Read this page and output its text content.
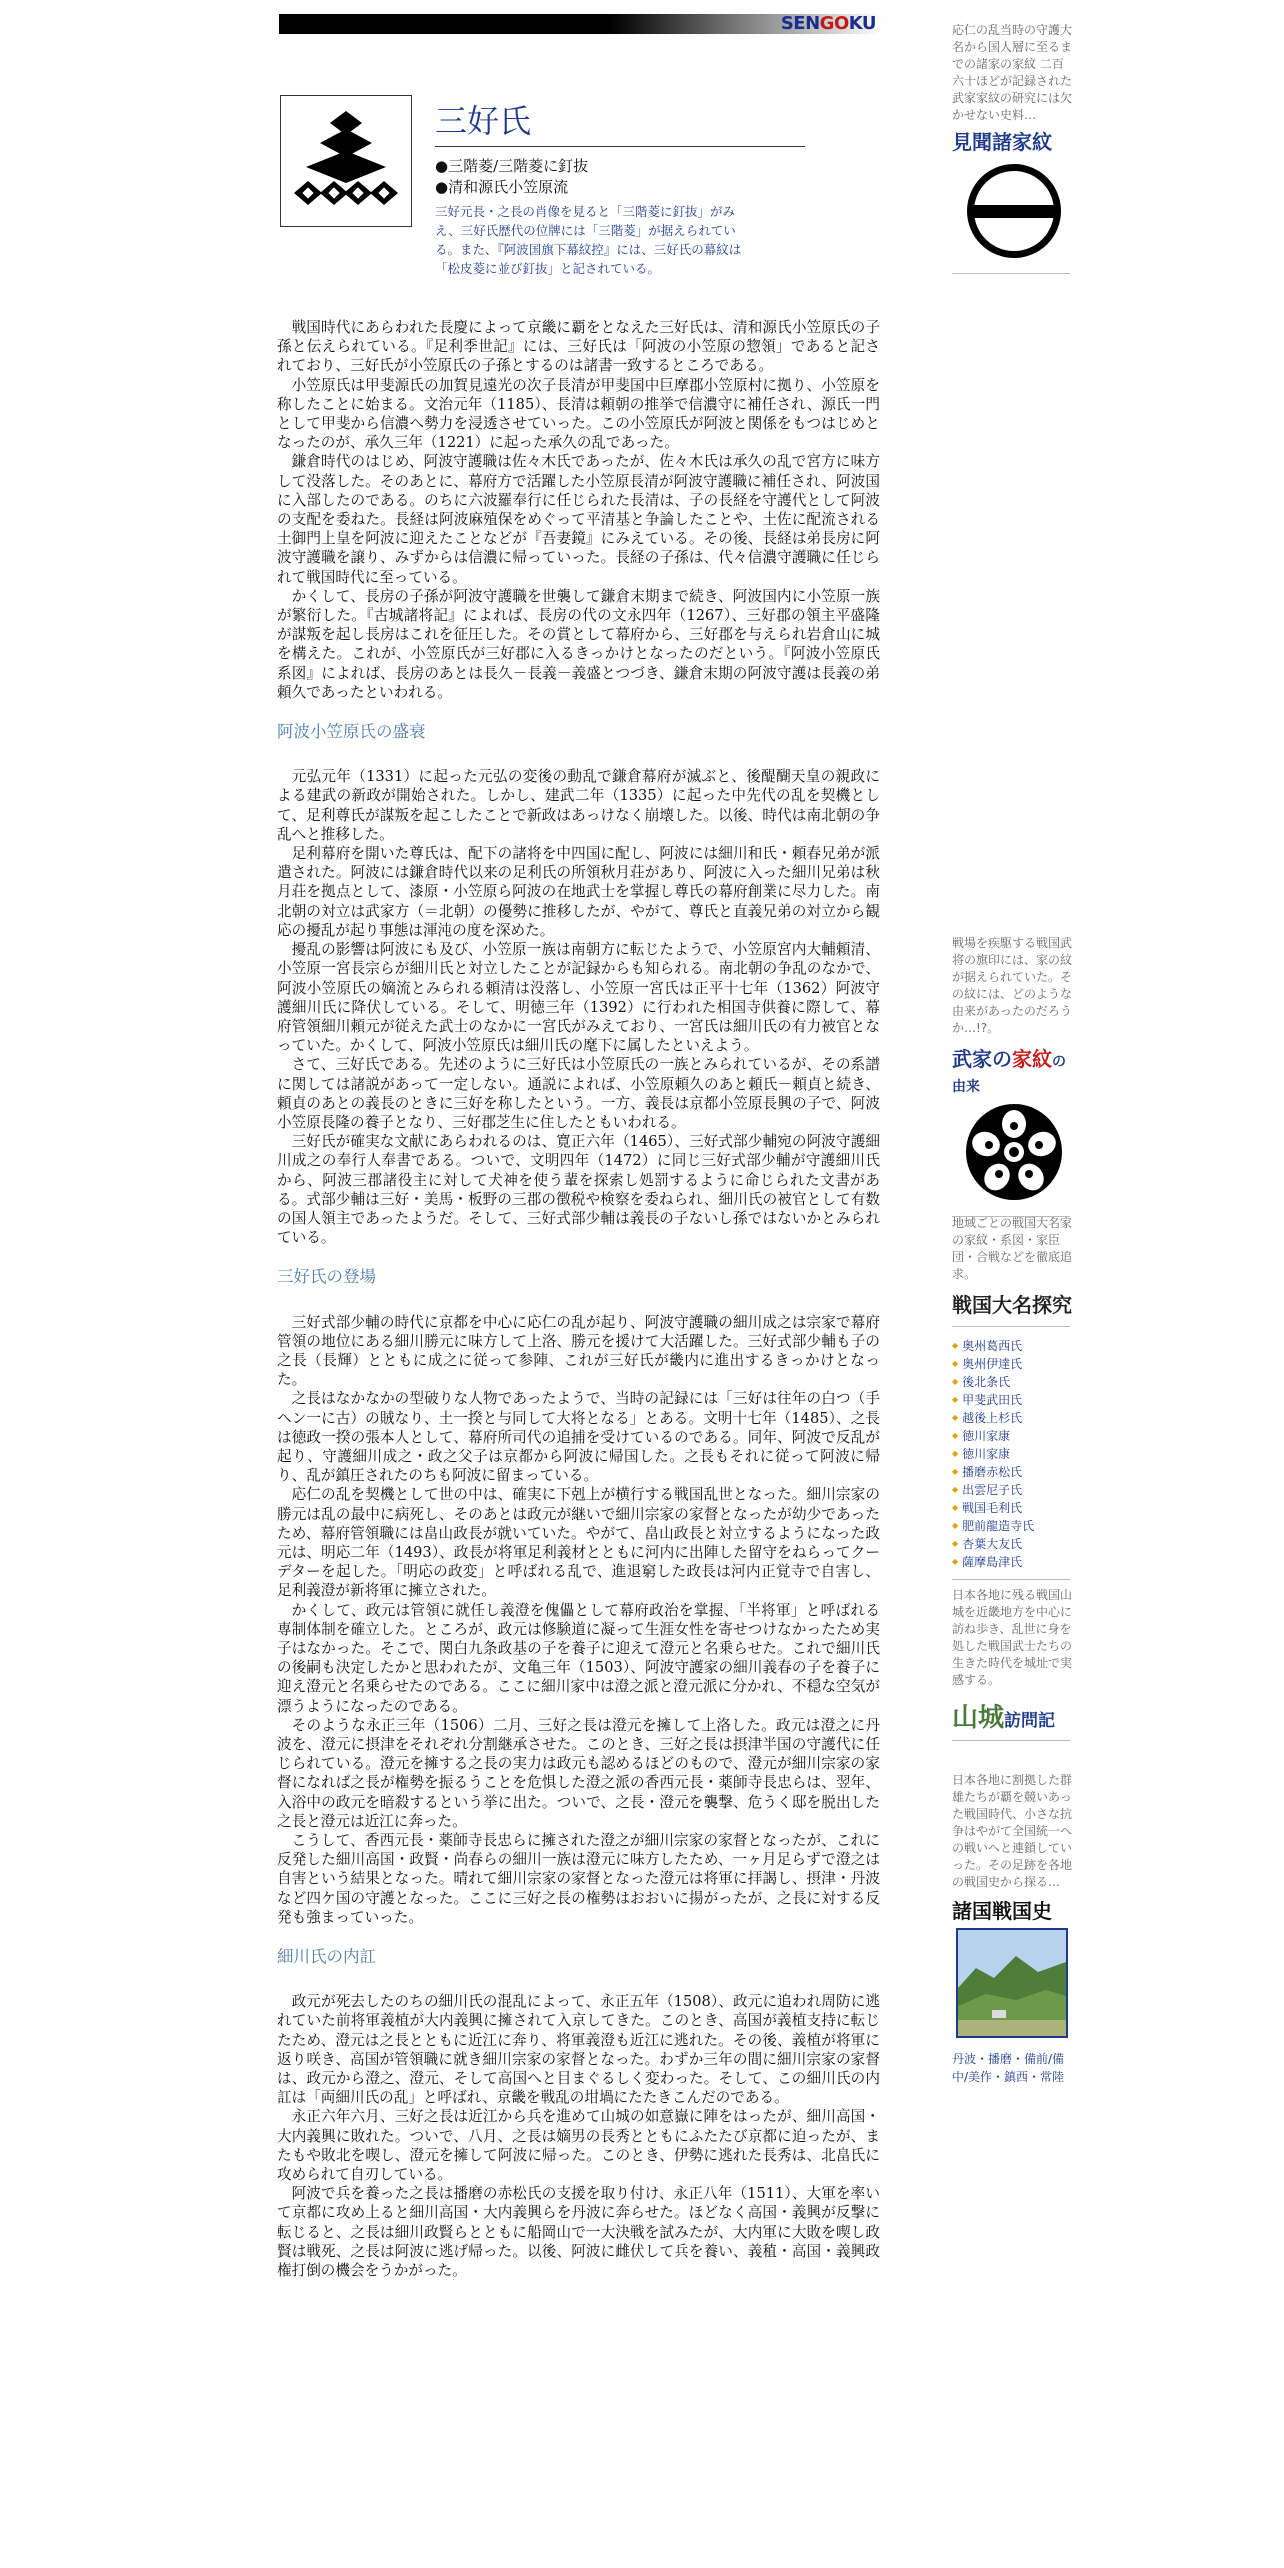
SENGOKU
三好氏
●三階菱/三階菱に釘抜
●清和源氏小笠原流
三好元長・之長の肖像を見ると「三階菱に釘抜」がみえ、三好氏歴代の位牌には「三階菱」が据えられている。また、『阿波国旗下幕紋控』には、三好氏の幕紋は「松皮菱に並び釘抜」と記されている。

戦国時代にあらわれた長慶によって京畿に覇をとなえた三好氏は、清和源氏小笠原氏の子孫と伝えられている。『足利季世記』には、三好氏は「阿波の小笠原の惣領」であると記されており、三好氏が小笠原氏の子孫とするのは諸書一致するところである。

小笠原氏は甲斐源氏の加賀見遠光の次子長清が甲斐国中巨摩郡小笠原村に拠り、小笠原を称したことに始まる。文治元年（1185）、長清は頼朝の推挙で信濃守に補任され、源氏一門として甲斐から信濃へ勢力を浸透させていった。この小笠原氏が阿波と関係をもつはじめとなったのが、承久三年（1221）に起った承久の乱であった。

鎌倉時代のはじめ、阿波守護職は佐々木氏であったが、佐々木氏は承久の乱で宮方に味方して没落した。そのあとに、幕府方で活躍した小笠原長清が阿波守護職に補任され、阿波国に入部したのである。のちに六波羅奉行に任じられた長清は、子の長経を守護代として阿波の支配を委ねた。長経は阿波麻殖保をめぐって平清基と争論したことや、土佐に配流される土御門上皇を阿波に迎えたことなどが『吾妻鏡』にみえている。その後、長経は弟長房に阿波守護職を譲り、みずからは信濃に帰っていった。長経の子孫は、代々信濃守護職に任じられて戦国時代に至っている。

かくして、長房の子孫が阿波守護職を世襲して鎌倉末期まで続き、阿波国内に小笠原一族が繁衍した。『古城諸将記』によれば、長房の代の文永四年（1267）、三好郡の領主平盛隆が謀叛を起し長房はこれを征圧した。その賞として幕府から、三好郡を与えられ岩倉山に城を構えた。これが、小笠原氏が三好郡に入るきっかけとなったのだという。『阿波小笠原氏系図』によれば、長房のあとは長久－長義－義盛とつづき、鎌倉末期の阿波守護は長義の弟頼久であったといわれる。

阿波小笠原氏の盛衰

元弘元年（1331）に起った元弘の変後の動乱で鎌倉幕府が滅ぶと、後醍醐天皇の親政による建武の新政が開始された。しかし、建武二年（1335）に起った中先代の乱を契機として、足利尊氏が謀叛を起こしたことで新政はあっけなく崩壊した。以後、時代は南北朝の争乱へと推移した。

足利幕府を開いた尊氏は、配下の諸将を中四国に配し、阿波には細川和氏・頼春兄弟が派遣された。阿波には鎌倉時代以来の足利氏の所領秋月荘があり、阿波に入った細川兄弟は秋月荘を拠点として、漆原・小笠原ら阿波の在地武士を掌握し尊氏の幕府創業に尽力した。南北朝の対立は武家方（＝北朝）の優勢に推移したが、やがて、尊氏と直義兄弟の対立から観応の擾乱が起り事態は渾沌の度を深めた。

擾乱の影響は阿波にも及び、小笠原一族は南朝方に転じたようで、小笠原宮内大輔頼清、小笠原一宮長宗らが細川氏と対立したことが記録からも知られる。南北朝の争乱のなかで、阿波小笠原氏の嫡流とみられる頼清は没落し、小笠原一宮氏は正平十七年（1362）阿波守護細川氏に降伏している。そして、明徳三年（1392）に行われた相国寺供養に際して、幕府管領細川頼元が従えた武士のなかに一宮氏がみえており、一宮氏は細川氏の有力被官となっていた。かくして、阿波小笠原氏は細川氏の麾下に属したといえよう。

さて、三好氏である。先述のように三好氏は小笠原氏の一族とみられているが、その系譜に関しては諸説があって一定しない。通説によれば、小笠原頼久のあと頼氏－頼貞と続き、頼貞のあとの義長のときに三好を称したという。一方、義長は京都小笠原長興の子で、阿波小笠原長隆の養子となり、三好郡芝生に住したともいわれる。

三好氏が確実な文献にあらわれるのは、寛正六年（1465）、三好式部少輔宛の阿波守護細川成之の奉行人奉書である。ついで、文明四年（1472）に同じ三好式部少輔が守護細川氏から、阿波三郡諸役主に対して犬神を使う輩を探索し処罰するように命じられた文書がある。式部少輔は三好・美馬・板野の三郡の徴税や検察を委ねられ、細川氏の被官として有数の国人領主であったようだ。そして、三好式部少輔は義長の子ないし孫ではないかとみられている。

三好氏の登場

三好式部少輔の時代に京都を中心に応仁の乱が起り、阿波守護職の細川成之は宗家で幕府管領の地位にある細川勝元に味方して上洛、勝元を援けて大活躍した。三好式部少輔も子の之長（長輝）とともに成之に従って参陣、これが三好氏が畿内に進出するきっかけとなった。

之長はなかなかの型破りな人物であったようで、当時の記録には「三好は往年の白つ（手ヘン一に古）の賊なり、土一揆と与同して大将となる」とある。文明十七年（1485）、之長は徳政一揆の張本人として、幕府所司代の追捕を受けているのである。同年、阿波で反乱が起り、守護細川成之・政之父子は京都から阿波に帰国した。之長もそれに従って阿波に帰り、乱が鎮圧されたのちも阿波に留まっている。

応仁の乱を契機として世の中は、確実に下剋上が横行する戦国乱世となった。細川宗家の勝元は乱の最中に病死し、そのあとは政元が継いで細川宗家の家督となったが幼少であったため、幕府管領職には畠山政長が就いていた。やがて、畠山政長と対立するようになった政元は、明応二年（1493）、政長が将軍足利義材とともに河内に出陣した留守をねらってクーデターを起した。「明応の政変」と呼ばれる乱で、進退窮した政長は河内正覚寺で自害し、足利義澄が新将軍に擁立された。

かくして、政元は管領に就任し義澄を傀儡として幕府政治を掌握、「半将軍」と呼ばれる専制体制を確立した。ところが、政元は修験道に凝って生涯女性を寄せつけなかったため実子はなかった。そこで、関白九条政基の子を養子に迎えて澄元と名乗らせた。これで細川氏の後嗣も決定したかと思われたが、文亀三年（1503）、阿波守護家の細川義春の子を養子に迎え澄元と名乗らせたのである。ここに細川家中は澄之派と澄元派に分かれ、不穏な空気が漂うようになったのである。

そのような永正三年（1506）二月、三好之長は澄元を擁して上洛した。政元は澄之に丹波を、澄元に摂津をそれぞれ分割継承させた。このとき、三好之長は摂津半国の守護代に任じられている。澄元を擁する之長の実力は政元も認めるほどのもので、澄元が細川宗家の家督になれば之長が権勢を振るうことを危惧した澄之派の香西元長・薬師寺長忠らは、翌年、入浴中の政元を暗殺するという挙に出た。ついで、之長・澄元を襲撃、危うく邸を脱出した之長と澄元は近江に奔った。

こうして、香西元長・薬師寺長忠らに擁された澄之が細川宗家の家督となったが、これに反発した細川高国・政賢・尚春らの細川一族は澄元に味方したため、一ヶ月足らずで澄之は自害という結果となった。晴れて細川宗家の家督となった澄元は将軍に拝謁し、摂津・丹波など四ケ国の守護となった。ここに三好之長の権勢はおおいに揚がったが、之長に対する反発も強まっていった。

細川氏の内訌

政元が死去したのちの細川氏の混乱によって、永正五年（1508）、政元に追われ周防に逃れていた前将軍義植が大内義興に擁されて入京してきた。このとき、高国が義植支持に転じたため、澄元は之長とともに近江に奔り、将軍義澄も近江に逃れた。その後、義植が将軍に返り咲き、高国が管領職に就き細川宗家の家督となった。わずか三年の間に細川宗家の家督は、政元から澄之、澄元、そして高国へと目まぐるしく変わった。そして、この細川氏の内訌は「両細川氏の乱」と呼ばれ、京畿を戦乱の坩堝にたたきこんだのである。

永正六年六月、三好之長は近江から兵を進めて山城の如意嶽に陣をはったが、細川高国・大内義興に敗れた。ついで、八月、之長は嫡男の長秀とともにふたたび京都に迫ったが、またもや敗北を喫し、澄元を擁して阿波に帰った。このとき、伊勢に逃れた長秀は、北畠氏に攻められて自刃している。

阿波で兵を養った之長は播磨の赤松氏の支援を取り付け、永正八年（1511）、大軍を率いて京都に攻め上ると細川高国・大内義興らを丹波に奔らせた。ほどなく高国・義興が反撃に転じると、之長は細川政賢らとともに船岡山で一大決戦を試みたが、大内軍に大敗を喫し政賢は戦死、之長は阿波に逃げ帰った。以後、阿波に雌伏して兵を養い、義稙・高国・義興政権打倒の機会をうかがった。

応仁の乱当時の守護大名から国人層に至るまでの諸家の家紋 二百六十ほどが記録された武家家紋の研究には欠かせない史料…
見聞諸家紋
戦場を疾駆する戦国武将の旗印には、家の紋が据えられていた。その紋には、どのような由来があったのだろうか…!?。
武家の家紋の由来
地域ごとの戦国大名家の家紋・系図・家臣団・合戦などを徹底追求。
戦国大名探究
◆ 奥州葛西氏
◆ 奥州伊達氏
◆ 後北条氏
◆ 甲斐武田氏
◆ 越後上杉氏
◆ 徳川家康
◆ 徳川家康
◆ 播磨赤松氏
◆ 出雲尼子氏
◆ 戦国毛利氏
◆ 肥前龍造寺氏
◆ 杏葉大友氏
◆ 薩摩島津氏
日本各地に残る戦国山城を近畿地方を中心に訪ね歩き、乱世に身を処した戦国武士たちの生きた時代を城址で実感する。
山城訪問記
日本各地に割拠した群雄たちが覇を競いあった戦国時代、小さな抗争はやがて全国統一への戦いへと連鎖していった。その足跡を各地の戦国史から探る…
諸国戦国史
丹波・播磨・備前/備中/美作・鎮西・常陸
